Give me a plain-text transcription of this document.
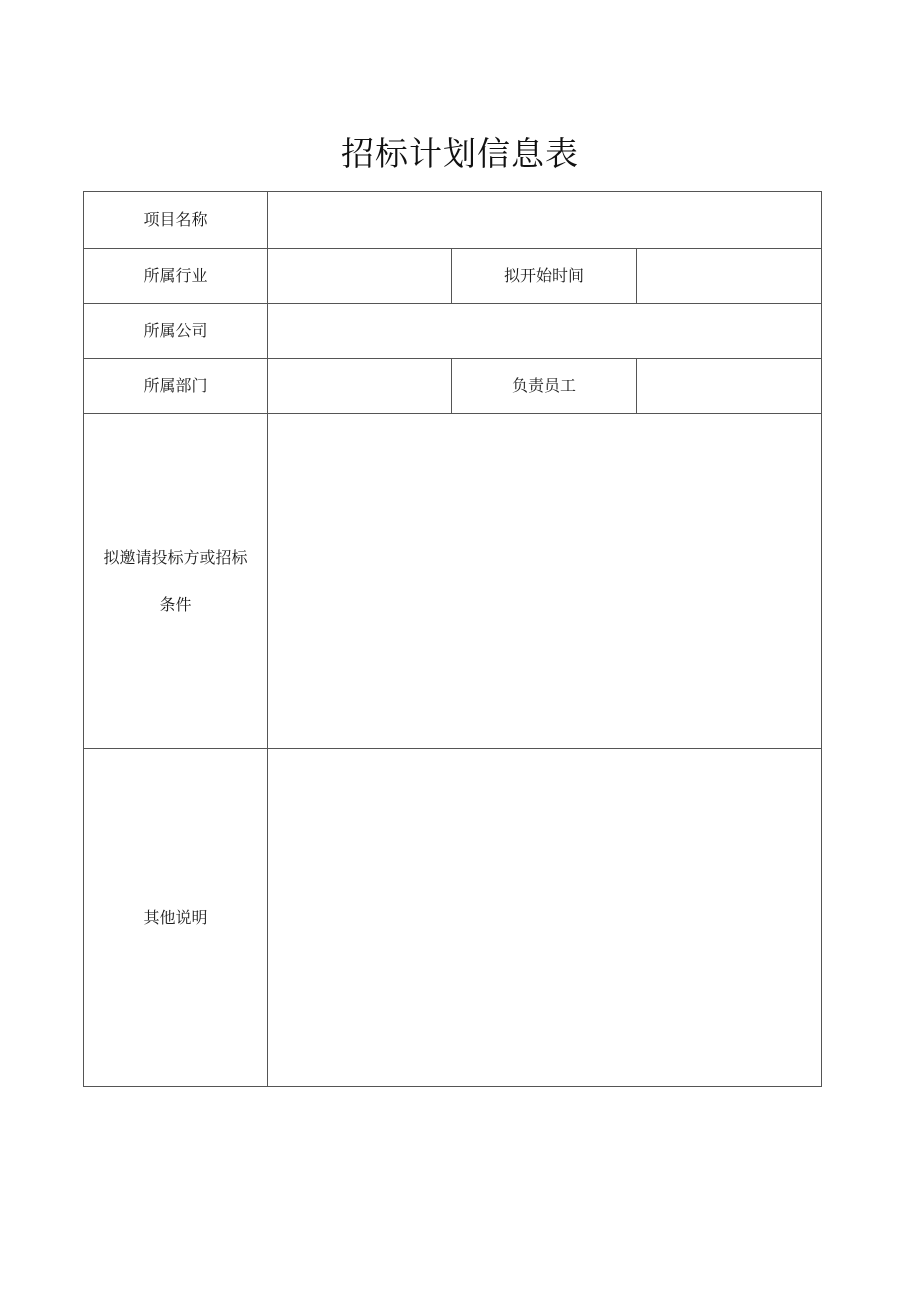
招标计划信息表
项目名称			

所属行业		拟开始时间	

所属公司			

所属部门		负责员工	

拟邀请投标方或招标
条件			

其他说明			
